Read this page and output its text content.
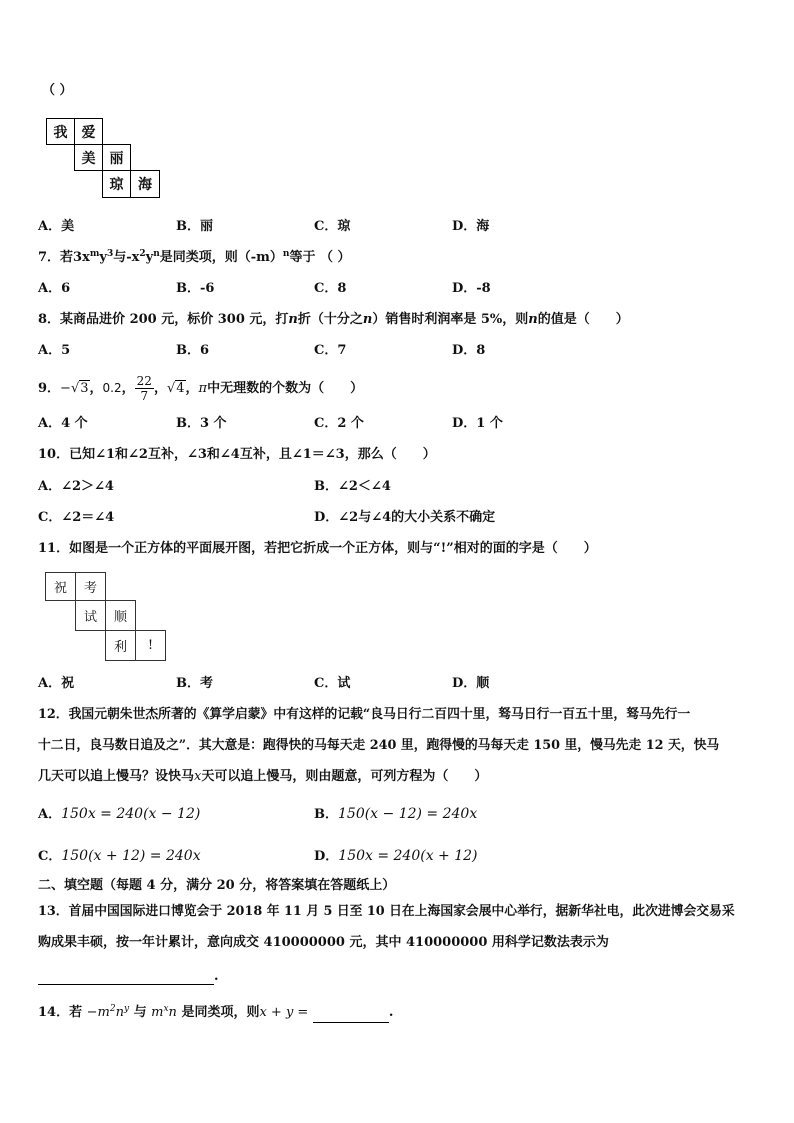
（ ）
我	爱
美	丽
琼	海
A．美	B．丽	C．琼	D．海
7．若$3x^my^3$与$-x^2y^n$是同类项，则$(-m)^n$等于 （ ）
A．6	B．-6	C．8	D．-8
8．某商品进价 200 元，标价 300 元，打n折（十分之n）销售时利润率是 5%，则n的值是（　　）
A．5	B．6	C．7	D．8
9．−√3，0.2， $\frac{22}{7}$ ，√4，π中无理数的个数为（　　）
A．4 个	B．3 个	C．2 个	D．1 个
10．已知∠1和∠2互补，∠3和∠4互补，且∠1＝∠3，那么（　　）
A．∠2＞∠4	B．∠2＜∠4
C．∠2＝∠4	D．∠2与∠4的大小关系不确定
11．如图是一个正方体的平面展开图，若把它折成一个正方体，则与“!”相对的面的字是（　　）
祝	考
试	顺
利	!
A．祝	B．考	C．试	D．顺
12．我国元朝朱世杰所著的《算学启蒙》中有这样的记载“良马日行二百四十里，驽马日行一百五十里，驽马先行一
十二日，良马数日追及之”．其大意是：跑得快的马每天走 240 里，跑得慢的马每天走 150 里，慢马先走 12 天，快马
几天可以追上慢马？设快马x天可以追上慢马，则由题意，可列方程为（　　）
A．150x = 240(x − 12)	B．150(x − 12) = 240x
C．150(x + 12) = 240x	D．150x = 240(x + 12)
二、填空题（每题 4 分，满分 20 分，将答案填在答题纸上）
13．首届中国国际进口博览会于 2018 年 11 月 5 日至 10 日在上海国家会展中心举行，据新华社电，此次进博会交易采
购成果丰硕，按一年计累计，意向成交 410000000 元，其中 410000000 用科学记数法表示为
.
14．若 $-m^2n^y$ 与 $m^xn$ 是同类项，则x + y =	.
